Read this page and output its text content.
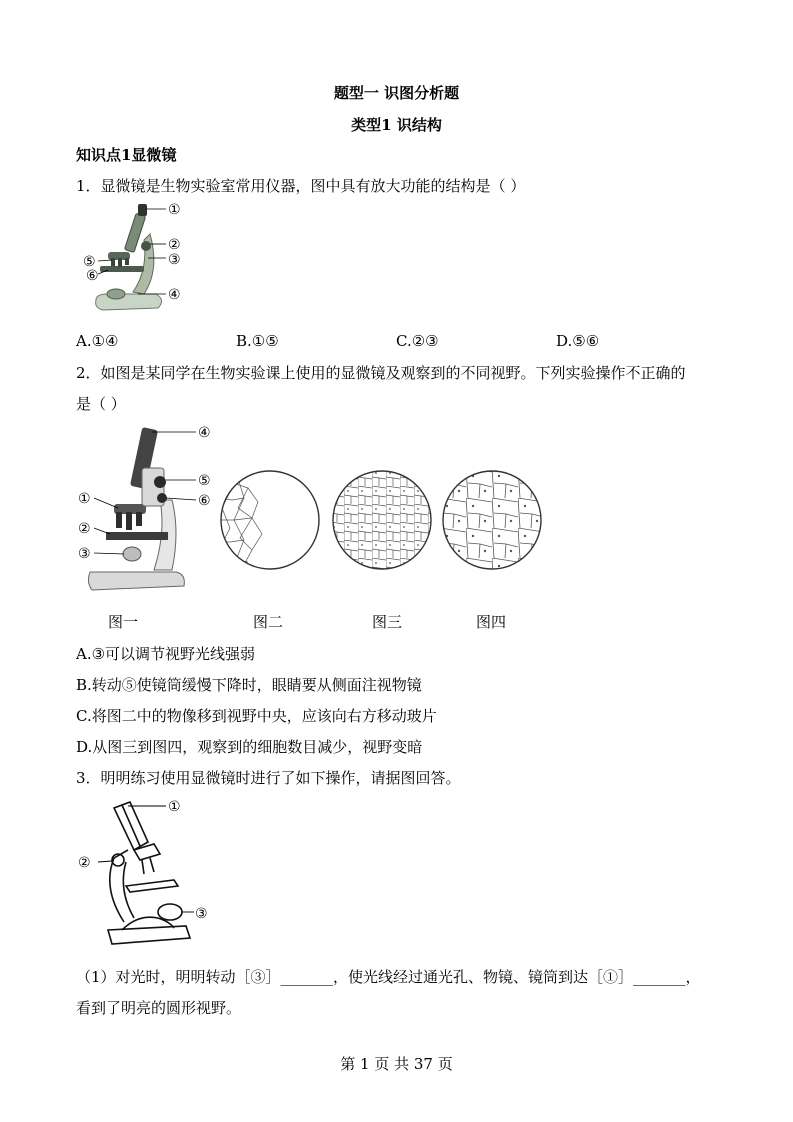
题型一 识图分析题
类型1 识结构
知识点1显微镜
1．显微镜是生物实验室常用仪器，图中具有放大功能的结构是（ ）
①
②
③
④
⑤
⑥
A.①④	B.①⑤	C.②③	D.⑤⑥
2．如图是某同学在生物实验课上使用的显微镜及观察到的不同视野。下列实验操作不正确的
是（ ）
④
⑤
⑥
①
②
③
图一	图二	图三	图四
A.③可以调节视野光线强弱
B.转动⑤使镜筒缓慢下降时，眼睛要从侧面注视物镜
C.将图二中的物像移到视野中央，应该向右方移动玻片
D.从图三到图四，观察到的细胞数目减少，视野变暗
3．明明练习使用显微镜时进行了如下操作，请据图回答。
①
②
③
（1）对光时，明明转动［③］_______，使光线经过通光孔、物镜、镜筒到达［①］_______，
看到了明亮的圆形视野。
第 1 页 共 37 页
